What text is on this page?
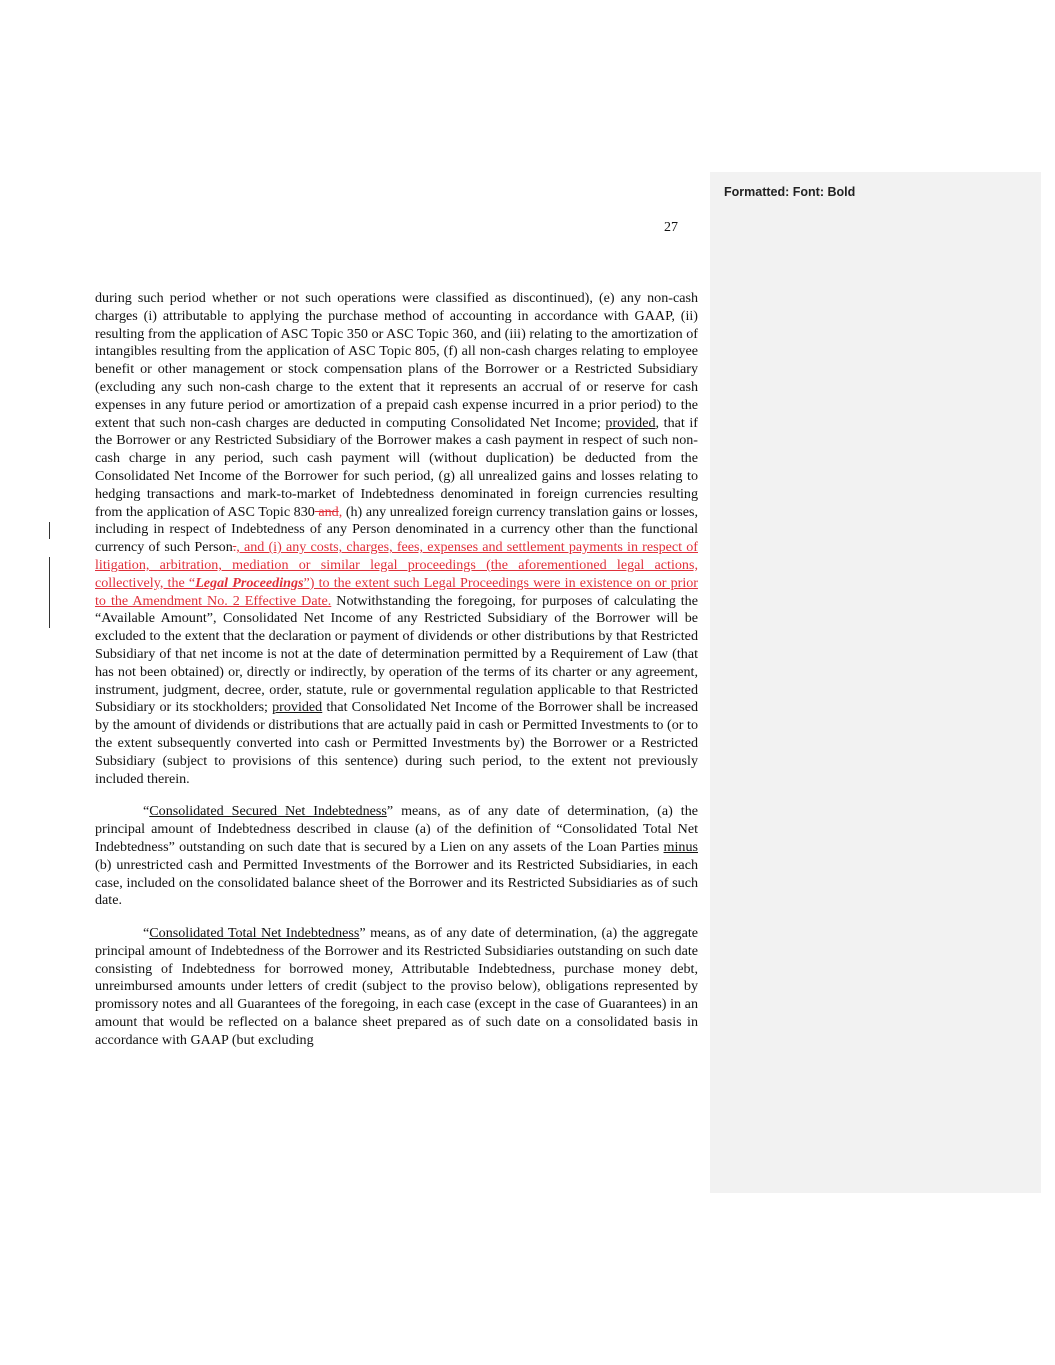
Formatted: Font: Bold
27

during such period whether or not such operations were classified as discontinued), (e) any non-cash charges (i) attributable to applying the purchase method of accounting in accordance with GAAP, (ii) resulting from the application of ASC Topic 350 or ASC Topic 360, and (iii) relating to the amortization of intangibles resulting from the application of ASC Topic 805, (f) all non-cash charges relating to employee benefit or other management or stock compensation plans of the Borrower or a Restricted Subsidiary (excluding any such non-cash charge to the extent that it represents an accrual of or reserve for cash expenses in any future period or amortization of a prepaid cash expense incurred in a prior period) to the extent that such non-cash charges are deducted in computing Consolidated Net Income; provided, that if the Borrower or any Restricted Subsidiary of the Borrower makes a cash payment in respect of such non-cash charge in any period, such cash payment will (without duplication) be deducted from the Consolidated Net Income of the Borrower for such period, (g) all unrealized gains and losses relating to hedging transactions and mark-to-market of Indebtedness denominated in foreign currencies resulting from the application of ASC Topic 830 and, (h) any unrealized foreign currency translation gains or losses, including in respect of Indebtedness of any Person denominated in a currency other than the functional currency of such Person., and (i) any costs, charges, fees, expenses and settlement payments in respect of litigation, arbitration, mediation or similar legal proceedings (the aforementioned legal actions, collectively, the “Legal Proceedings”) to the extent such Legal Proceedings were in existence on or prior to the Amendment No. 2 Effective Date. Notwithstanding the foregoing, for purposes of calculating the “Available Amount”, Consolidated Net Income of any Restricted Subsidiary of the Borrower will be excluded to the extent that the declaration or payment of dividends or other distributions by that Restricted Subsidiary of that net income is not at the date of determination permitted by a Requirement of Law (that has not been obtained) or, directly or indirectly, by operation of the terms of its charter or any agreement, instrument, judgment, decree, order, statute, rule or governmental regulation applicable to that Restricted Subsidiary or its stockholders; provided that Consolidated Net Income of the Borrower shall be increased by the amount of dividends or distributions that are actually paid in cash or Permitted Investments to (or to the extent subsequently converted into cash or Permitted Investments by) the Borrower or a Restricted Subsidiary (subject to provisions of this sentence) during such period, to the extent not previously included therein.

“Consolidated Secured Net Indebtedness” means, as of any date of determination, (a) the principal amount of Indebtedness described in clause (a) of the definition of “Consolidated Total Net Indebtedness” outstanding on such date that is secured by a Lien on any assets of the Loan Parties minus (b) unrestricted cash and Permitted Investments of the Borrower and its Restricted Subsidiaries, in each case, included on the consolidated balance sheet of the Borrower and its Restricted Subsidiaries as of such date.

“Consolidated Total Net Indebtedness” means, as of any date of determination, (a) the aggregate principal amount of Indebtedness of the Borrower and its Restricted Subsidiaries outstanding on such date consisting of Indebtedness for borrowed money, Attributable Indebtedness, purchase money debt, unreimbursed amounts under letters of credit (subject to the proviso below), obligations represented by promissory notes and all Guarantees of the foregoing, in each case (except in the case of Guarantees) in an amount that would be reflected on a balance sheet prepared as of such date on a consolidated basis in accordance with GAAP (but excluding
